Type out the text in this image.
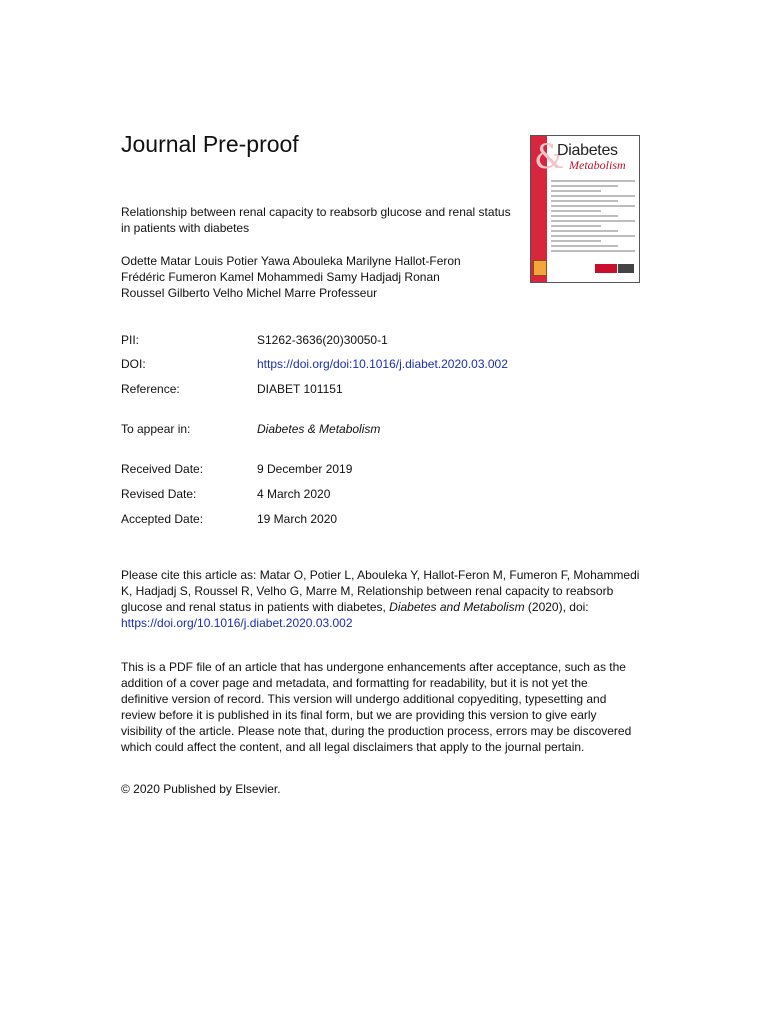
Journal Pre-proof
Relationship between renal capacity to reabsorb glucose and renal status in patients with diabetes
Odette Matar Louis Potier Yawa Abouleka Marilyne Hallot-Feron Frédéric Fumeron Kamel Mohammedi Samy Hadjadj Ronan Roussel Gilberto Velho Michel Marre Professeur
&
Diabetes
Metabolism
PII:	S1262-3636(20)30050-1
DOI:	https://doi.org/doi:10.1016/j.diabet.2020.03.002
Reference:	DIABET 101151
To appear in:	Diabetes & Metabolism
Received Date:	9 December 2019
Revised Date:	4 March 2020
Accepted Date:	19 March 2020
Please cite this article as: Matar O, Potier L, Abouleka Y, Hallot-Feron M, Fumeron F, Mohammedi K, Hadjadj S, Roussel R, Velho G, Marre M, Relationship between renal capacity to reabsorb glucose and renal status in patients with diabetes, Diabetes and Metabolism (2020), doi: https://doi.org/10.1016/j.diabet.2020.03.002
This is a PDF file of an article that has undergone enhancements after acceptance, such as the addition of a cover page and metadata, and formatting for readability, but it is not yet the definitive version of record. This version will undergo additional copyediting, typesetting and review before it is published in its final form, but we are providing this version to give early visibility of the article. Please note that, during the production process, errors may be discovered which could affect the content, and all legal disclaimers that apply to the journal pertain.
© 2020 Published by Elsevier.
